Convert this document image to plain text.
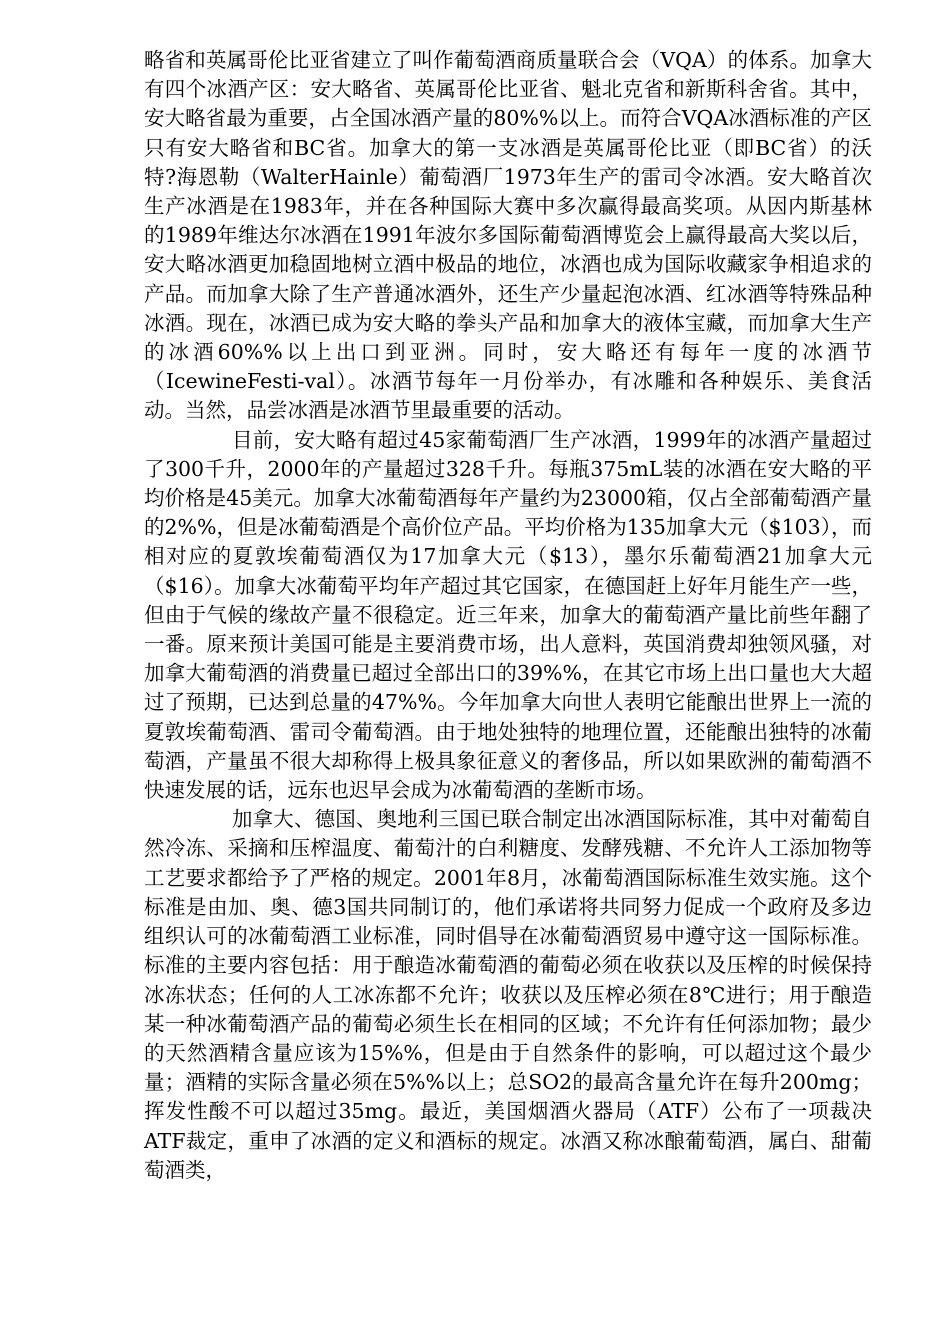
略省和英属哥伦比亚省建立了叫作葡萄酒商质量联合会（VQA）的体系。加拿大有四个冰酒产区：安大略省、英属哥伦比亚省、魁北克省和新斯科舍省。其中，安大略省最为重要，占全国冰酒产量的80%%以上。而符合VQA冰酒标准的产区只有安大略省和BC省。加拿大的第一支冰酒是英属哥伦比亚（即BC省）的沃特?海恩勒（WalterHainle）葡萄酒厂1973年生产的雷司令冰酒。安大略首次生产冰酒是在1983年，并在各种国际大赛中多次赢得最高奖项。从因内斯基林的1989年维达尔冰酒在1991年波尔多国际葡萄酒博览会上赢得最高大奖以后，安大略冰酒更加稳固地树立酒中极品的地位，冰酒也成为国际收藏家争相追求的产品。而加拿大除了生产普通冰酒外，还生产少量起泡冰酒、红冰酒等特殊品种冰酒。现在，冰酒已成为安大略的拳头产品和加拿大的液体宝藏，而加拿大生产的冰酒60%%以上出口到亚洲。同时，安大略还有每年一度的冰酒节（IcewineFesti-val）。冰酒节每年一月份举办，有冰雕和各种娱乐、美食活动。当然，品尝冰酒是冰酒节里最重要的活动。

目前，安大略有超过45家葡萄酒厂生产冰酒，1999年的冰酒产量超过了300千升，2000年的产量超过328千升。每瓶375mL装的冰酒在安大略的平均价格是45美元。加拿大冰葡萄酒每年产量约为23000箱，仅占全部葡萄酒产量的2%%，但是冰葡萄酒是个高价位产品。平均价格为135加拿大元（$103），而相对应的夏敦埃葡萄酒仅为17加拿大元（$13），墨尔乐葡萄酒21加拿大元（$16）。加拿大冰葡萄平均年产超过其它国家，在德国赶上好年月能生产一些，但由于气候的缘故产量不很稳定。近三年来，加拿大的葡萄酒产量比前些年翻了一番。原来预计美国可能是主要消费市场，出人意料，英国消费却独领风骚，对加拿大葡萄酒的消费量已超过全部出口的39%%，在其它市场上出口量也大大超过了预期，已达到总量的47%%。今年加拿大向世人表明它能酿出世界上一流的夏敦埃葡萄酒、雷司令葡萄酒。由于地处独特的地理位置，还能酿出独特的冰葡萄酒，产量虽不很大却称得上极具象征意义的奢侈品，所以如果欧洲的葡萄酒不快速发展的话，远东也迟早会成为冰葡萄酒的垄断市场。

加拿大、德国、奥地利三国已联合制定出冰酒国际标准，其中对葡萄自然冷冻、采摘和压榨温度、葡萄汁的白利糖度、发酵残糖、不允许人工添加物等工艺要求都给予了严格的规定。2001年8月，冰葡萄酒国际标准生效实施。这个标准是由加、奥、德3国共同制订的，他们承诺将共同努力促成一个政府及多边组织认可的冰葡萄酒工业标准，同时倡导在冰葡萄酒贸易中遵守这一国际标准。标准的主要内容包括：用于酿造冰葡萄酒的葡萄必须在收获以及压榨的时候保持冰冻状态；任何的人工冰冻都不允许；收获以及压榨必须在8℃进行；用于酿造某一种冰葡萄酒产品的葡萄必须生长在相同的区域；不允许有任何添加物；最少的天然酒精含量应该为15%%，但是由于自然条件的影响，可以超过这个最少量；酒精的实际含量必须在5%%以上；总SO2的最高含量允许在每升200mg；挥发性酸不可以超过35mg。最近，美国烟酒火器局（ATF）公布了一项裁决ATF裁定，重申了冰酒的定义和酒标的规定。冰酒又称冰酿葡萄酒，属白、甜葡萄酒类，
